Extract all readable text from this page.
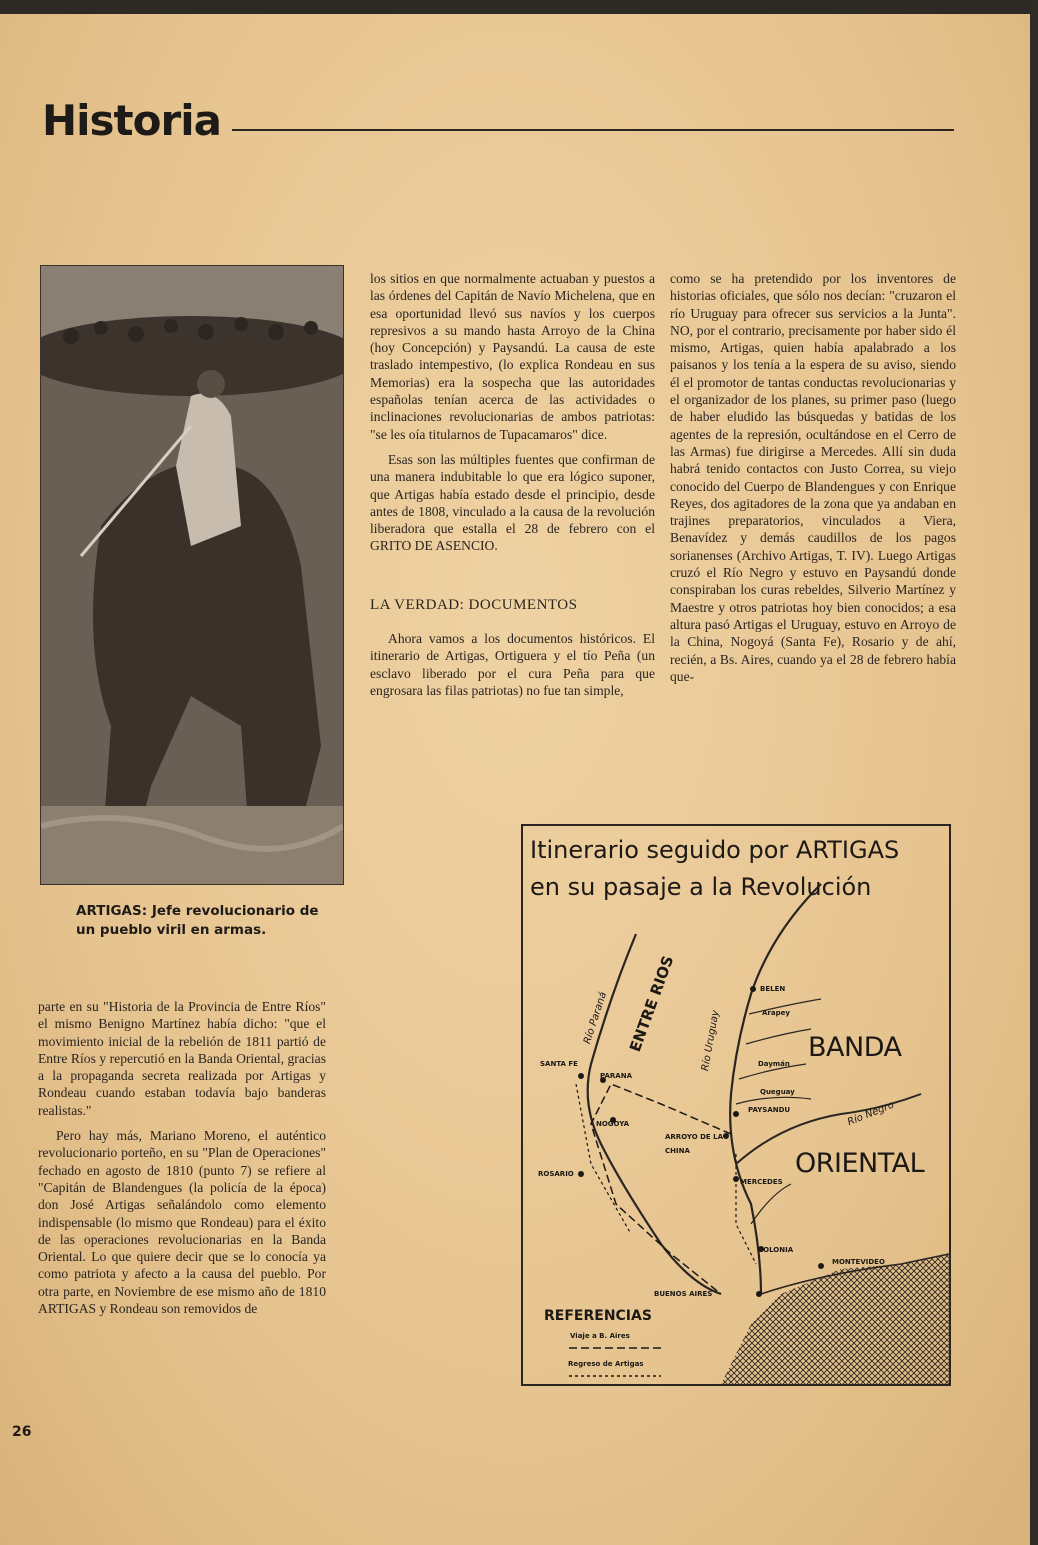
Historia
ARTIGAS: Jefe revolucionario de un pueblo viril en armas.

los sitios en que normalmente actuaban y puestos a las órdenes del Capitán de Navío Michelena, que en esa oportunidad llevó sus navíos y los cuerpos represivos a su mando hasta Arroyo de la China (hoy Concepción) y Paysandú. La causa de este traslado intempestivo, (lo explica Rondeau en sus Memorias) era la sospecha que las autoridades españolas tenían acerca de las actividades o inclinaciones revolucionarias de ambos patriotas: "se les oía titularnos de Tupacamaros" dice.

Esas son las múltiples fuentes que confirman de una manera indubitable lo que era lógico suponer, que Artigas había estado desde el principio, desde antes de 1808, vinculado a la causa de la revolución liberadora que estalla el 28 de febrero con el GRITO DE ASENCIO.

LA VERDAD: DOCUMENTOS

Ahora vamos a los documentos históricos. El itinerario de Artigas, Ortiguera y el tío Peña (un esclavo liberado por el cura Peña para que engrosara las filas patriotas) no fue tan simple,

como se ha pretendido por los inventores de historias oficiales, que sólo nos decían: "cruzaron el río Uruguay para ofrecer sus servicios a la Junta". NO, por el contrario, precisamente por haber sido él mismo, Artigas, quien había apalabrado a los paisanos y los tenía a la espera de su aviso, siendo él el promotor de tantas conductas revolucionarias y el organizador de los planes, su primer paso (luego de haber eludido las búsquedas y batidas de los agentes de la represión, ocultándose en el Cerro de las Armas) fue dirigirse a Mercedes. Allí sin duda habrá tenido contactos con Justo Correa, su viejo conocido del Cuerpo de Blandengues y con Enrique Reyes, dos agitadores de la zona que ya andaban en trajines preparatorios, vinculados a Viera, Benavídez y demás caudillos de los pagos sorianenses (Archivo Artigas, T. IV). Luego Artigas cruzó el Río Negro y estuvo en Paysandú donde conspiraban los curas rebeldes, Silverio Martínez y Maestre y otros patriotas hoy bien conocidos; a esa altura pasó Artigas el Uruguay, estuvo en Arroyo de la China, Nogoyá (Santa Fe), Rosario y de ahí, recién, a Bs. Aires, cuando ya el 28 de febrero había que-

parte en su "Historia de la Provincia de Entre Ríos" el mismo Benigno Martínez había dicho: "que el movimiento inicial de la rebelión de 1811 partió de Entre Ríos y repercutió en la Banda Oriental, gracias a la propaganda secreta realizada por Artigas y Rondeau cuando estaban todavía bajo banderas realistas."

Pero hay más, Mariano Moreno, el auténtico revolucionario porteño, en su "Plan de Operaciones" fechado en agosto de 1810 (punto 7) se refiere al "Capitán de Blandengues (la policía de la época) don José Artigas señalándolo como elemento indispensable (lo mismo que Rondeau) para el éxito de las operaciones revolucionarias en la Banda Oriental. Lo que quiere decir que se lo conocía ya como patriota y afecto a la causa del pueblo. Por otra parte, en Noviembre de ese mismo año de 1810 ARTIGAS y Rondeau son removidos de

Itinerario seguido por ARTIGAS
en su pasaje a la Revolución
ENTRE RIOS	BANDA
ORIENTAL
Río Paraná	Río Uruguay
Río Negro
BELEN
Arapey
Daymán
Queguay
PAYSANDU
SANTA FE
PARANA
NOGOYA
ARROYO DE LA CHINA
ROSARIO
MERCEDES
COLONIA
MONTEVIDEO
BUENOS AIRES
REFERENCIAS
Viaje a B. Aires
Regreso de Artigas
26
